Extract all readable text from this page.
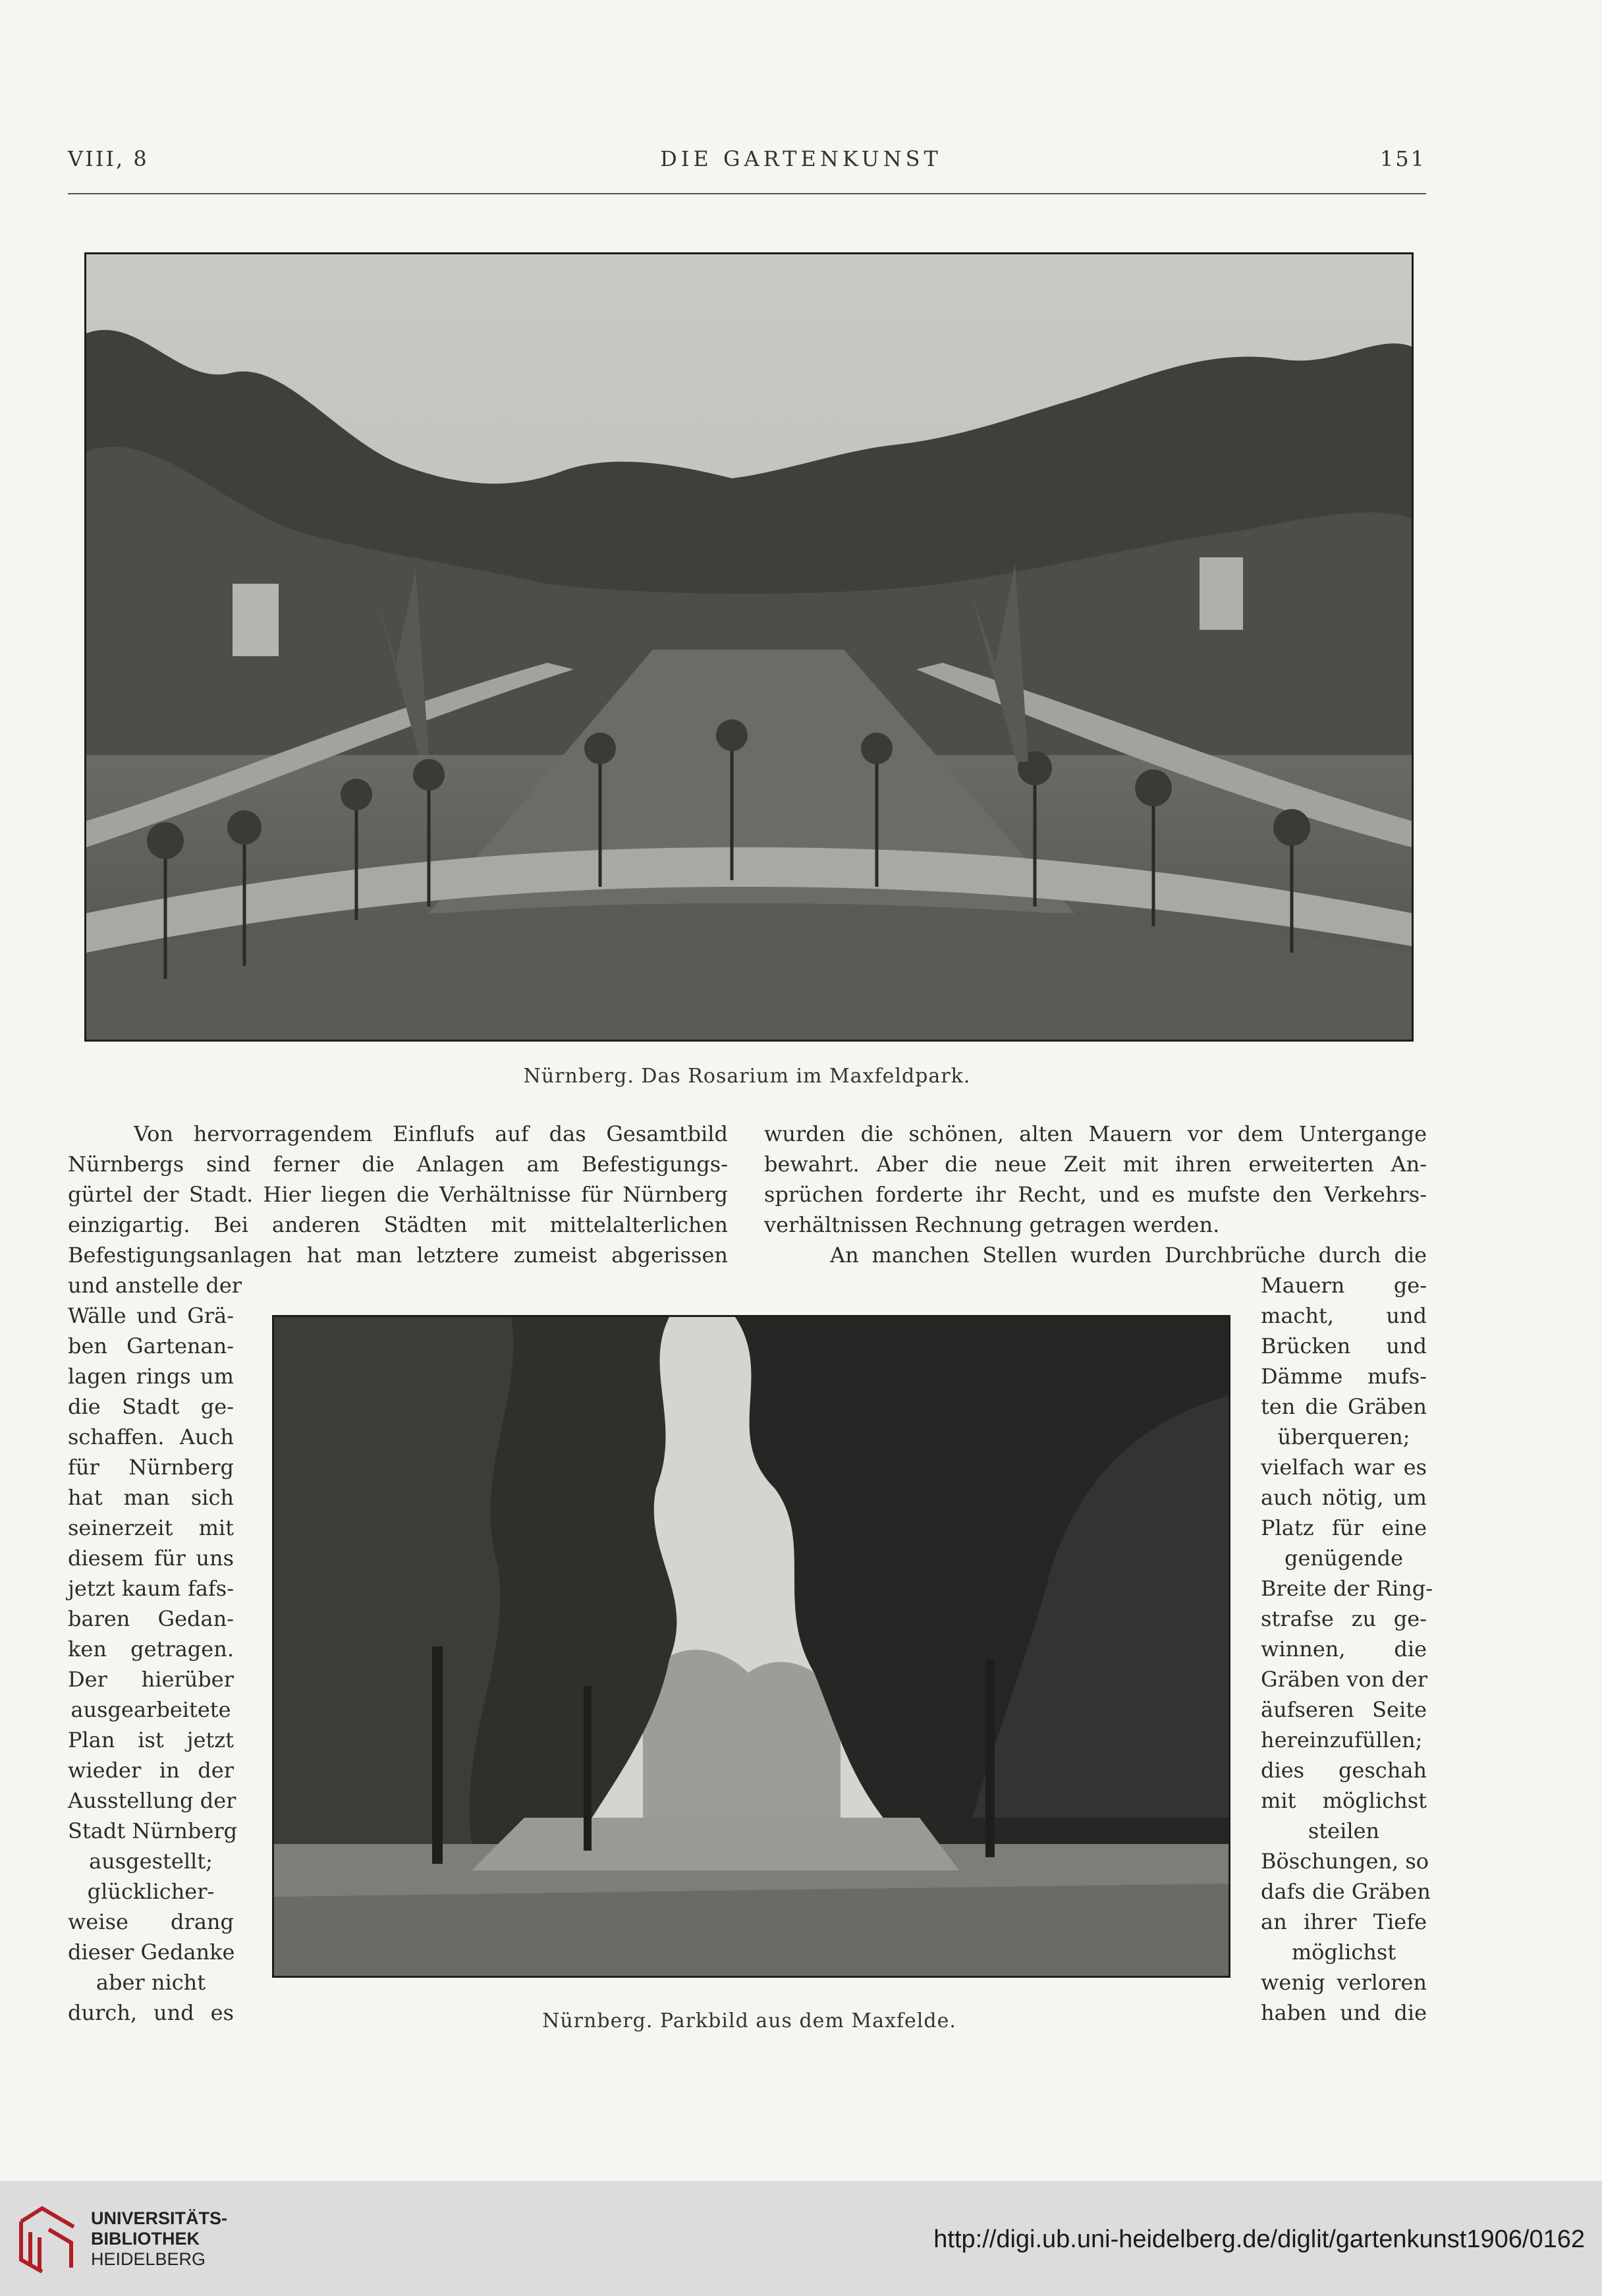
VIII, 8	DIE GARTENKUNST	151
Nürnberg. Das Rosarium im Maxfeldpark.
Von hervorragendem Einflufs auf das Gesamtbild
Nürnbergs sind ferner die Anlagen am Befestigungs-
gürtel der Stadt. Hier liegen die Verhältnisse für Nürnberg
einzigartig. Bei anderen Städten mit mittelalterlichen
Befestigungsanlagen hat man letztere zumeist abgerissen
wurden die schönen, alten Mauern vor dem Untergange
bewahrt. Aber die neue Zeit mit ihren erweiterten An-
sprüchen forderte ihr Recht, und es mufste den Verkehrs-
verhältnissen Rechnung getragen werden.
An manchen Stellen wurden Durchbrüche durch die
und anstelle der
Wälle und Grä-
ben Gartenan-
lagen rings um
die Stadt ge-
schaffen. Auch
für Nürnberg
hat man sich
seinerzeit mit
diesem für uns
jetzt kaum fafs-
baren Gedan-
ken getragen.
Der hierüber
ausgearbeitete
Plan ist jetzt
wieder in der
Ausstellung der
Stadt Nürnberg
ausgestellt;
glücklicher-
weise drang
dieser Gedanke
aber nicht
durch, und es
Mauern ge-
macht, und
Brücken und
Dämme mufs-
ten die Gräben
überqueren;
vielfach war es
auch nötig, um
Platz für eine
genügende
Breite der Ring-
strafse zu ge-
winnen, die
Gräben von der
äufseren Seite
hereinzufüllen;
dies geschah
mit möglichst
steilen
Böschungen, so
dafs die Gräben
an ihrer Tiefe
möglichst
wenig verloren
haben und die
Nürnberg. Parkbild aus dem Maxfelde.
UNIVERSITÄTS-
BIBLIOTHEK
HEIDELBERG
http://digi.ub.uni-heidelberg.de/diglit/gartenkunst1906/0162
